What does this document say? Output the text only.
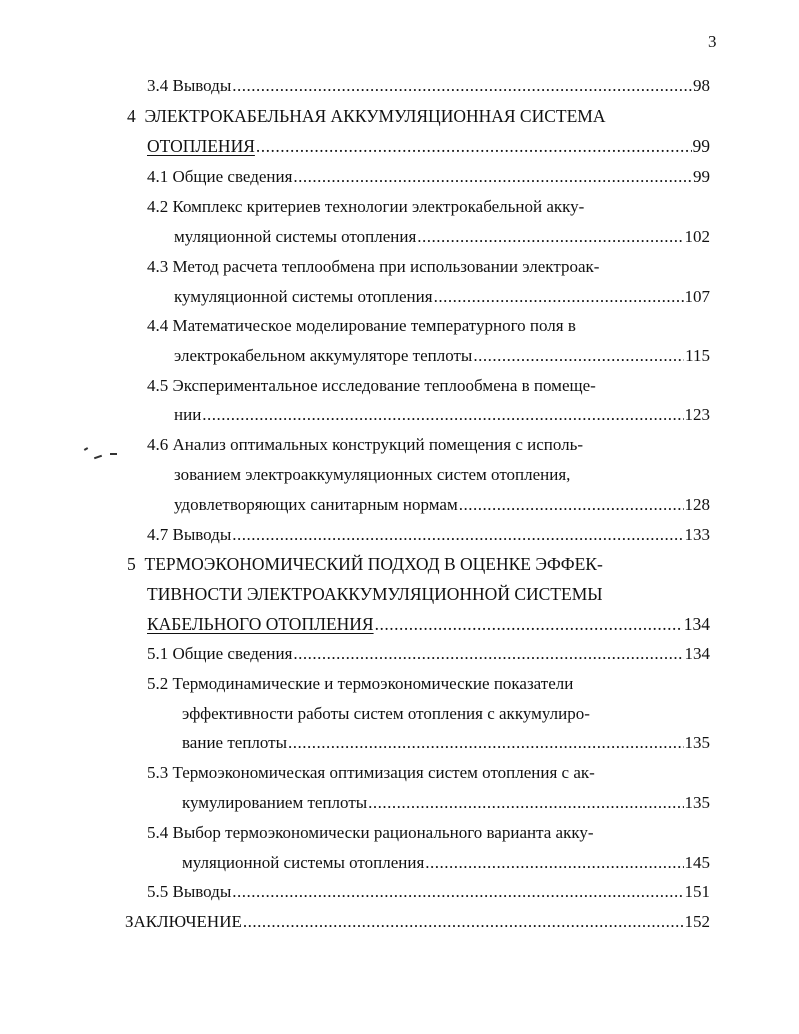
3
3.4 Выводы .....	98
4 ЭЛЕКТРОКАБЕЛЬНАЯ АККУМУЛЯЦИОННАЯ СИСТЕМА
ОТОПЛЕНИЯ .....	99
4.1 Общие сведения .....	99
4.2 Комплекс критериев технологии электрокабельной акку-
муляционной системы отопления .....	102
4.3 Метод расчета теплообмена при использовании электроак-
кумуляционной системы отопления .....	107
4.4 Математическое моделирование температурного поля в
электрокабельном аккумуляторе теплоты .....	115
4.5 Экспериментальное исследование теплообмена в помеще-
нии .....	123
4.6 Анализ оптимальных конструкций помещения с исполь-
зованием электроаккумуляционных систем отопления,
удовлетворяющих санитарным нормам .....	128
4.7 Выводы .....	133
5 ТЕРМОЭКОНОМИЧЕСКИЙ ПОДХОД В ОЦЕНКЕ ЭФФЕК-
ТИВНОСТИ ЭЛЕКТРОАККУМУЛЯЦИОННОЙ СИСТЕМЫ
КАБЕЛЬНОГО ОТОПЛЕНИЯ .....	134
5.1 Общие сведения .....	134
5.2 Термодинамические и термоэкономические показатели
эффективности работы систем отопления с аккумулиро-
вание теплоты .....	135
5.3 Термоэкономическая оптимизация систем отопления с ак-
кумулированием теплоты .....	135
5.4 Выбор термоэкономически рационального варианта акку-
муляционной системы отопления .....	145
5.5 Выводы .....	151
ЗАКЛЮЧЕНИЕ .....	152
